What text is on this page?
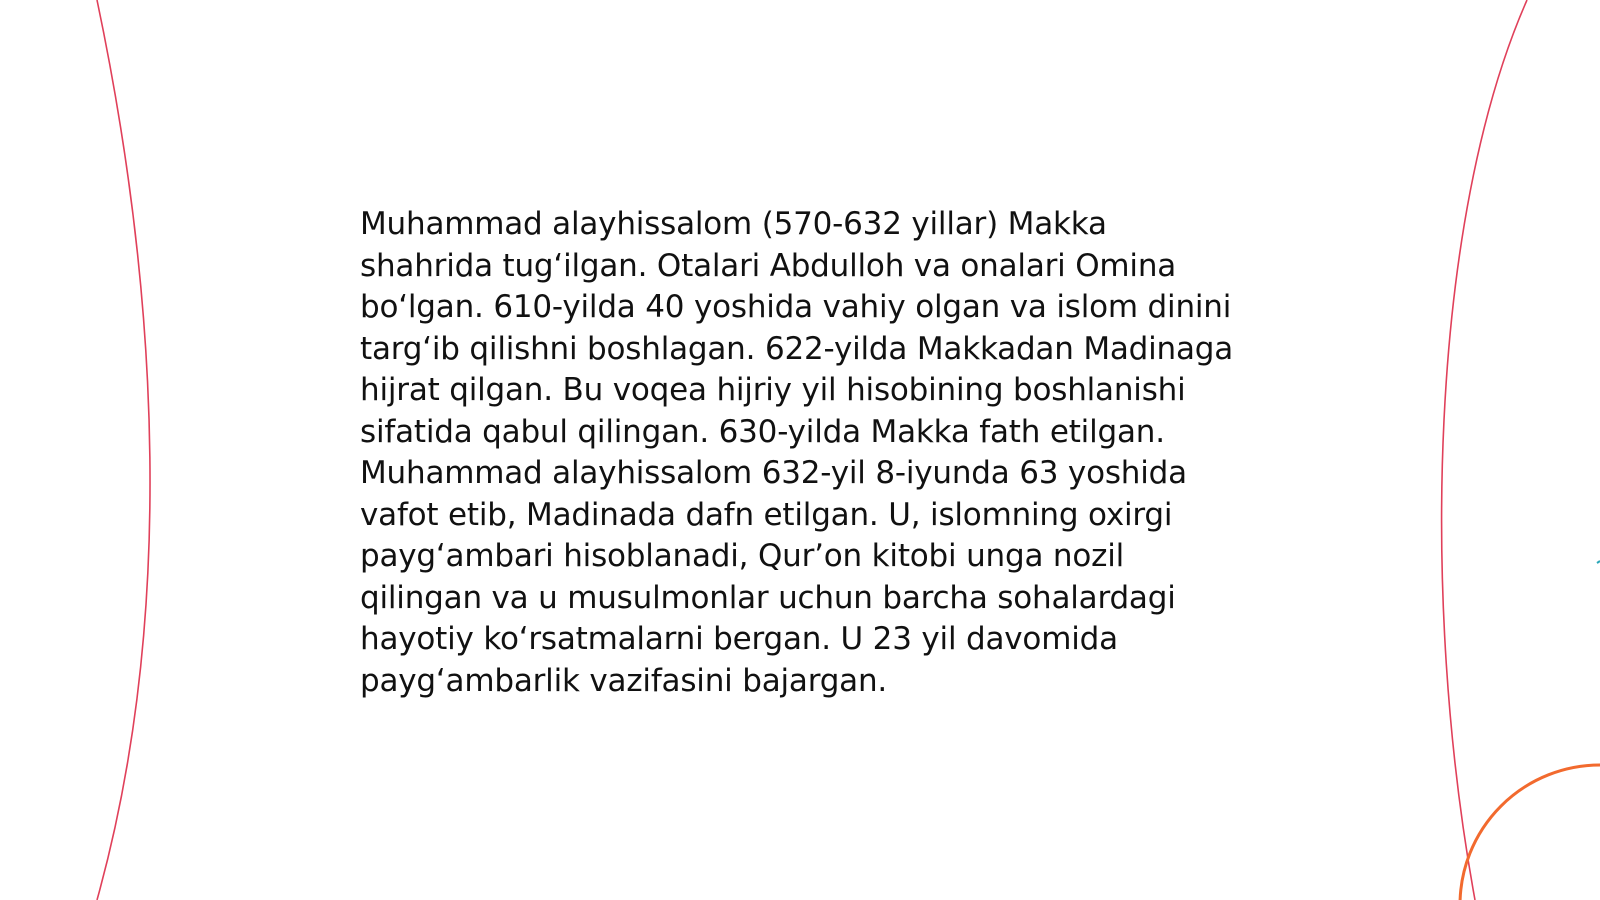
Muhammad alayhissalom (570-632 yillar) Makka shahrida tug‘ilgan. Otalari Abdulloh va onalari Omina bo‘lgan. 610-yilda 40 yoshida vahiy olgan va islom dinini targ‘ib qilishni boshlagan. 622-yilda Makkadan Madinaga hijrat qilgan. Bu voqea hijriy yil hisobining boshlanishi sifatida qabul qilingan. 630-yilda Makka fath etilgan. Muhammad alayhissalom 632-yil 8-iyunda 63 yoshida vafot etib, Madinada dafn etilgan. U, islomning oxirgi payg‘ambari hisoblanadi, Qur’on kitobi unga nozil qilingan va u musulmonlar uchun barcha sohalardagi hayotiy ko‘rsatmalarni bergan. U 23 yil davomida payg‘ambarlik vazifasini bajargan.
